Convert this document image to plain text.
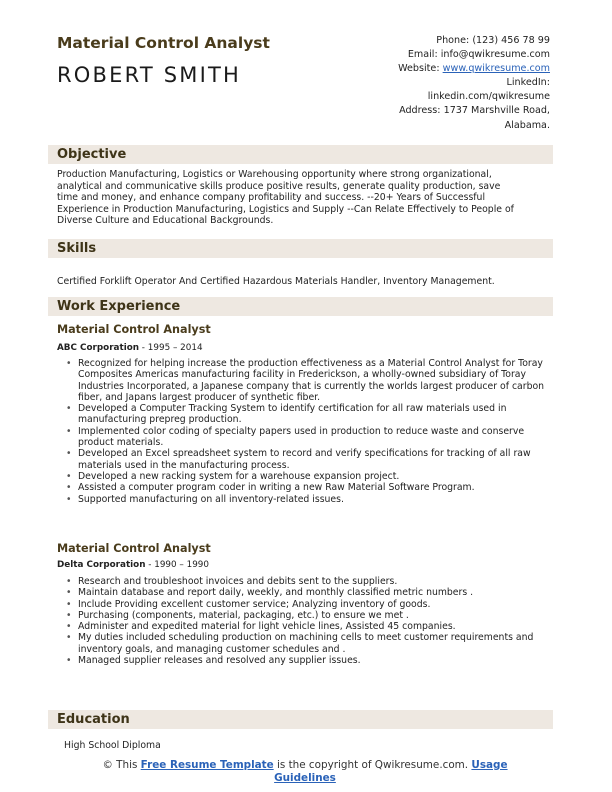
Material Control Analyst
ROBERT SMITH
Phone: (123) 456 78 99
Email: info@qwikresume.com
Website: www.qwikresume.com
LinkedIn:
linkedin.com/qwikresume
Address: 1737 Marshville Road,
Alabama.
Objective
Production Manufacturing, Logistics or Warehousing opportunity where strong organizational,
analytical and communicative skills produce positive results, generate quality production, save
time and money, and enhance company profitability and success. --20+ Years of Successful
Experience in Production Manufacturing, Logistics and Supply --Can Relate Effectively to People of
Diverse Culture and Educational Backgrounds.
Skills
Certified Forklift Operator And Certified Hazardous Materials Handler, Inventory Management.
Work Experience
Material Control Analyst
ABC Corporation - 1995 – 2014
• Recognized for helping increase the production effectiveness as a Material Control Analyst for Toray Composites Americas manufacturing facility in Frederickson, a wholly-owned subsidiary of Toray Industries Incorporated, a Japanese company that is currently the worlds largest producer of carbon fiber, and Japans largest producer of synthetic fiber.
• Developed a Computer Tracking System to identify certification for all raw materials used in manufacturing prepreg production.
• Implemented color coding of specialty papers used in production to reduce waste and conserve product materials.
• Developed an Excel spreadsheet system to record and verify specifications for tracking of all raw materials used in the manufacturing process.
• Developed a new racking system for a warehouse expansion project.
• Assisted a computer program coder in writing a new Raw Material Software Program.
• Supported manufacturing on all inventory-related issues.
Material Control Analyst
Delta Corporation - 1990 – 1990
• Research and troubleshoot invoices and debits sent to the suppliers.
• Maintain database and report daily, weekly, and monthly classified metric numbers .
• Include Providing excellent customer service; Analyzing inventory of goods.
• Purchasing (components, material, packaging, etc.) to ensure we met .
• Administer and expedited material for light vehicle lines, Assisted 45 companies.
• My duties included scheduling production on machining cells to meet customer requirements and inventory goals, and managing customer schedules and .
• Managed supplier releases and resolved any supplier issues.
Education
High School Diploma
© This Free Resume Template is the copyright of Qwikresume.com. Usage Guidelines
